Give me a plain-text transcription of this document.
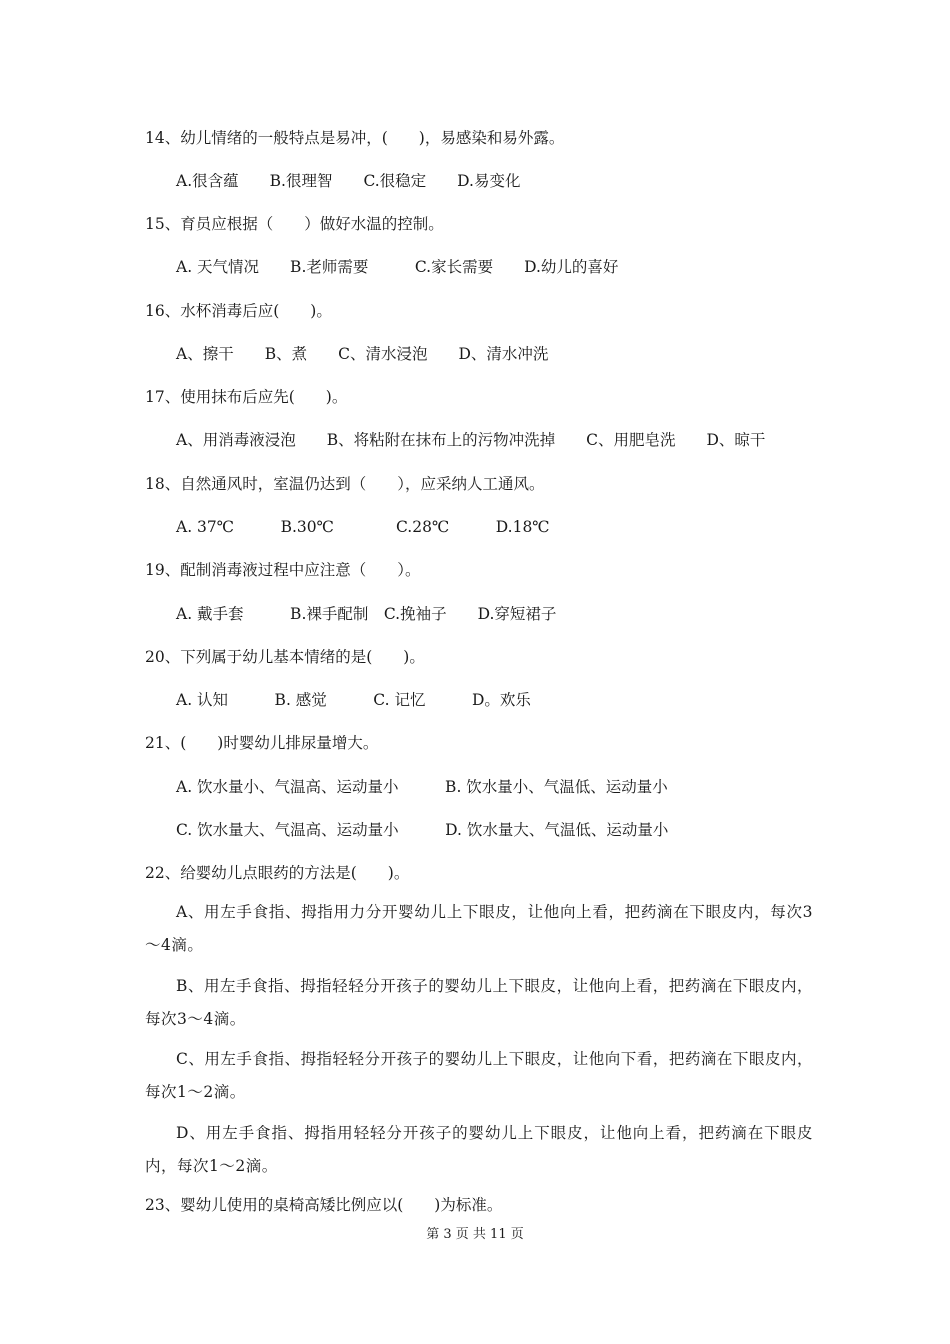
14、幼儿情绪的一般特点是易冲，(　　)，易感染和易外露。
A.很含蕴　　B.很理智　　C.很稳定　　D.易变化
15、育员应根据（　　）做好水温的控制。
A. 天气情况　　B.老师需要　　　C.家长需要　　D.幼儿的喜好
16、水杯消毒后应(　　)。
A、擦干　　B、煮　　C、清水浸泡　　D、清水冲洗
17、使用抹布后应先(　　)。
A、用消毒液浸泡　　B、将粘附在抹布上的污物冲洗掉　　C、用肥皂洗　　D、晾干
18、自然通风时，室温仍达到（　　），应采纳人工通风。
A. 37℃　　　B.30℃　　　　C.28℃　　　D.18℃
19、配制消毒液过程中应注意（　　）。
A. 戴手套　　　B.裸手配制　C.挽袖子　　D.穿短裙子
20、下列属于幼儿基本情绪的是(　　)。
A. 认知　　　B. 感觉　　　C. 记忆　　　D。欢乐
21、(　　)时婴幼儿排尿量增大。
A. 饮水量小、气温高、运动量小　　　B. 饮水量小、气温低、运动量小
C. 饮水量大、气温高、运动量小　　　D. 饮水量大、气温低、运动量小
22、给婴幼儿点眼药的方法是(　　)。
A、用左手食指、拇指用力分开婴幼儿上下眼皮，让他向上看，把药滴在下眼皮内，每次3～4滴。
B、用左手食指、拇指轻轻分开孩子的婴幼儿上下眼皮，让他向上看，把药滴在下眼皮内，每次3～4滴。
C、用左手食指、拇指轻轻分开孩子的婴幼儿上下眼皮，让他向下看，把药滴在下眼皮内，每次1～2滴。
D、用左手食指、拇指用轻轻分开孩子的婴幼儿上下眼皮，让他向上看，把药滴在下眼皮内，每次1～2滴。
23、婴幼儿使用的桌椅高矮比例应以(　　)为标准。
第 3 页 共 11 页
